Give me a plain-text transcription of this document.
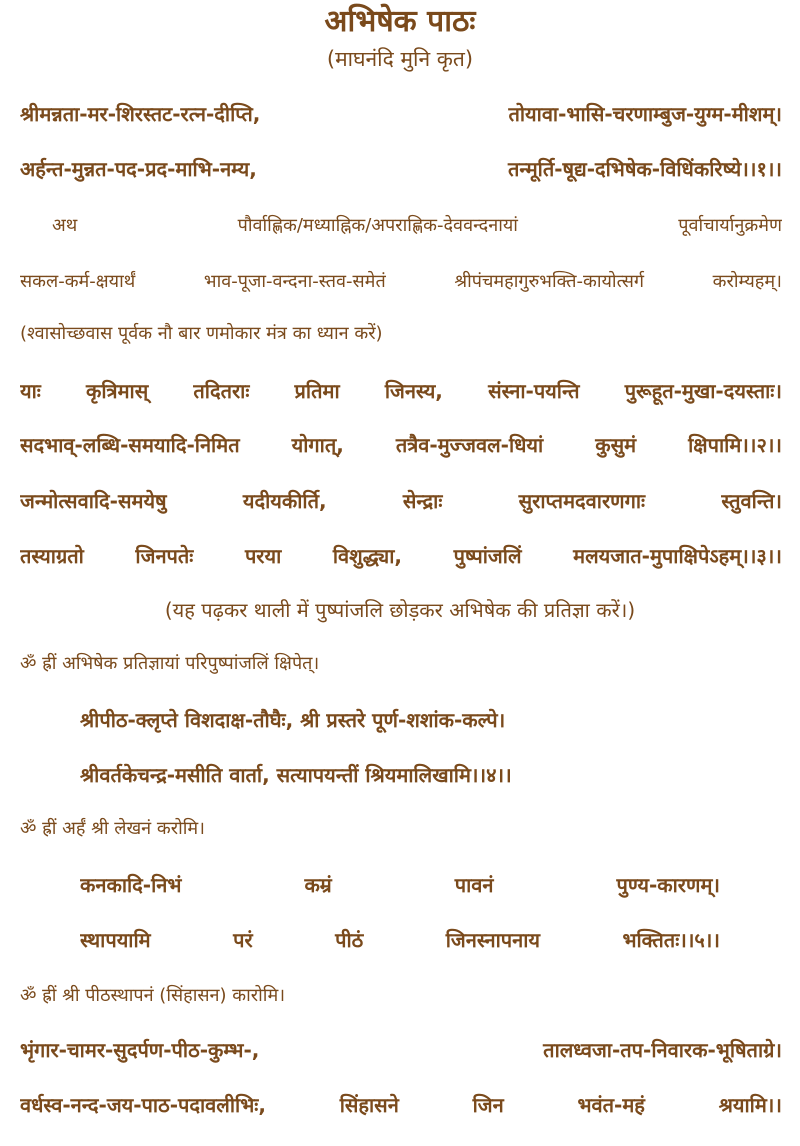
अभिषेक पाठः
(माघनंदि मुनि कृत)
श्रीमन्नता-मर-शिरस्तट-रत्न-दीप्ति,	तोयावा-भासि-चरणाम्बुज-युग्म-मीशम्।
अर्हन्त-मुन्नत-पद-प्रद-माभि-नम्य,	तन्मूर्ति-षूद्य-दभिषेक-विधिंकरिष्ये।।१।।
अथ	पौर्वाह्णिक/मध्याह्निक/अपराह्णिक-देववन्दनायां	पूर्वाचार्यानुक्रमेण
सकल-कर्म-क्षयार्थं	भाव-पूजा-वन्दना-स्तव-समेतं	श्रीपंचमहागुरुभक्ति-कायोत्सर्ग	करोम्यहम्।
(श्वासोच्छवास पूर्वक नौ बार णमोकार मंत्र का ध्यान करें)
याः कृत्रिमास् तदितराः प्रतिमा जिनस्य, संस्ना-पयन्ति पुरूहूत-मुखा-दयस्ताः।
सदभाव्-लब्धि-समयादि-निमित	योगात्,	तत्रैव-मुज्जवल-धियां	कुसुमं	क्षिपामि।।२।।
जन्मोत्सवादि-समयेषु	यदीयकीर्ति,	सेन्द्राः	सुराप्तमदवारणगाः	स्तुवन्ति।
तस्याग्रतो	जिनपतेः	परया	विशुद्ध्या,	पुष्पांजलिं	मलयजात-मुपाक्षिपेऽहम्।।३।।
(यह पढ़कर थाली में पुष्पांजलि छोड़कर अभिषेक की प्रतिज्ञा करें।)
ॐ ह्रीं अभिषेक प्रतिज्ञायां परिपुष्पांजलिं क्षिपेत्।
श्रीपीठ-क्लृप्ते विशदाक्ष-तौघैः, श्री प्रस्तरे पूर्ण-शशांक-कल्पे।
श्रीवर्तकेचन्द्र-मसीति वार्ता, सत्यापयन्तीं श्रियमालिखामि।।४।।
ॐ ह्रीं अर्हं श्री लेखनं करोमि।
कनकादि-निभं	कम्रं	पावनं	पुण्य-कारणम्।
स्थापयामि	परं	पीठं	जिनस्नापनाय	भक्तितः।।५।।
ॐ ह्रीं श्री पीठस्थापनं (सिंहासन) कारोमि।
भृंगार-चामर-सुदर्पण-पीठ-कुम्भ-,	तालध्वजा-तप-निवारक-भूषिताग्रे।
वर्धस्व-नन्द-जय-पाठ-पदावलीभिः,	सिंहासने	जिन	भवंत-महं	श्रयामि।।
